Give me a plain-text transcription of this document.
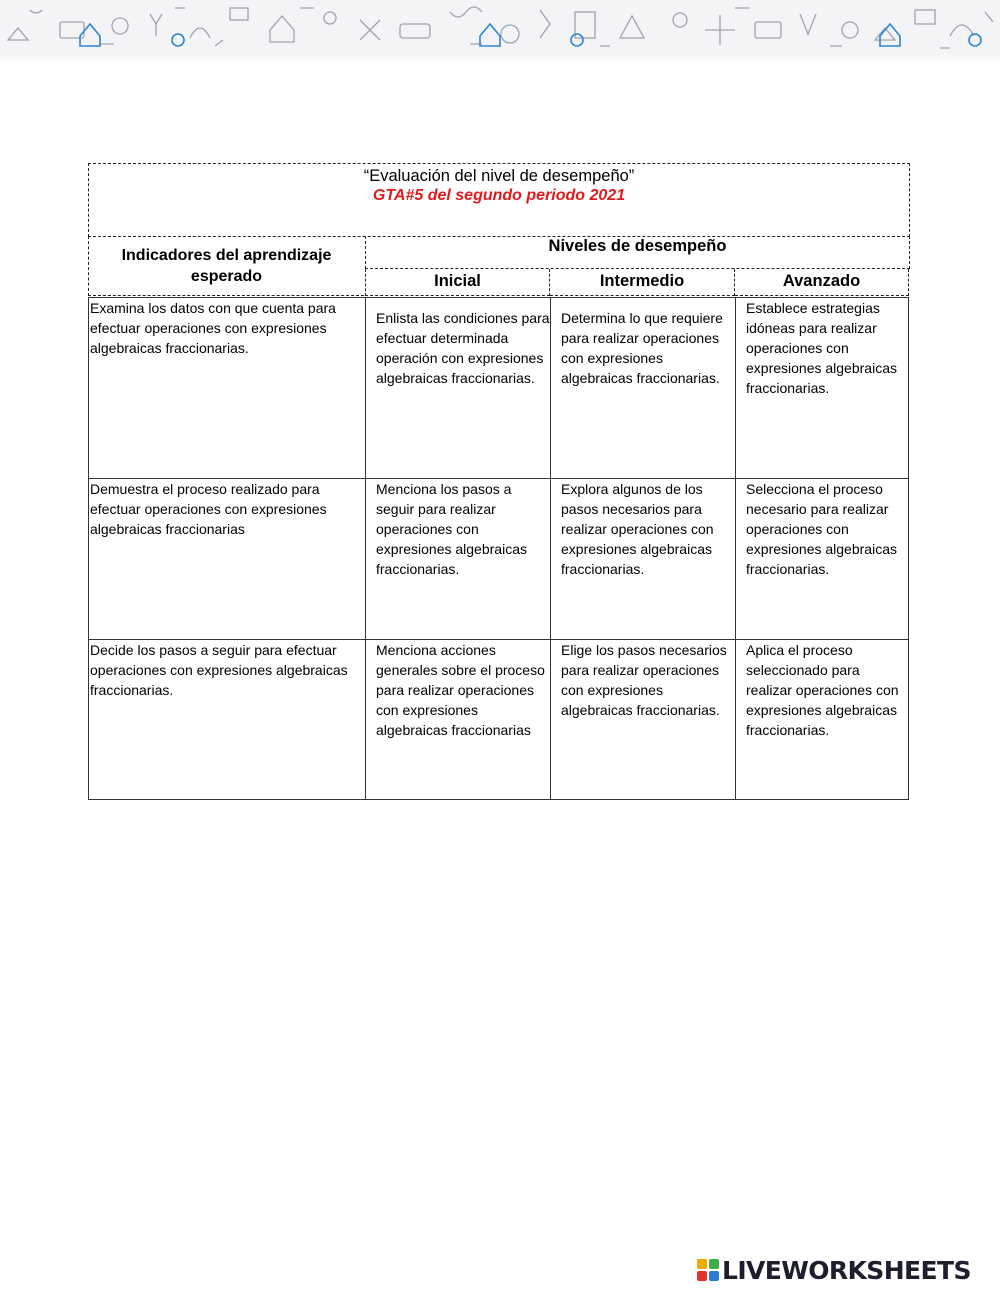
“Evaluación del nivel de desempeño”
GTA#5 del segundo periodo 2021
Indicadores del aprendizaje
esperado
Niveles de desempeño
Inicial	Intermedio	Avanzado
Examina los datos con que cuenta para efectuar operaciones con expresiones algebraicas fraccionarias.	Enlista las condiciones para efectuar determinada operación con expresiones algebraicas fraccionarias.	Determina lo que requiere para realizar operaciones con expresiones algebraicas fraccionarias.	Establece estrategias idóneas para realizar operaciones con expresiones algebraicas fraccionarias.

Demuestra el proceso realizado para efectuar operaciones con expresiones algebraicas fraccionarias	Menciona los pasos a seguir para realizar operaciones con expresiones algebraicas fraccionarias.	Explora algunos de los pasos necesarios para realizar operaciones con expresiones algebraicas fraccionarias.	Selecciona el proceso necesario para realizar operaciones con expresiones algebraicas fraccionarias.

Decide los pasos a seguir para efectuar operaciones con expresiones algebraicas fraccionarias.	Menciona acciones generales sobre el proceso para realizar operaciones con expresiones algebraicas fraccionarias	Elige los pasos necesarios para realizar operaciones con expresiones algebraicas fraccionarias.	Aplica el proceso seleccionado para realizar operaciones con expresiones algebraicas fraccionarias.
LIVEWORKSHEETS
